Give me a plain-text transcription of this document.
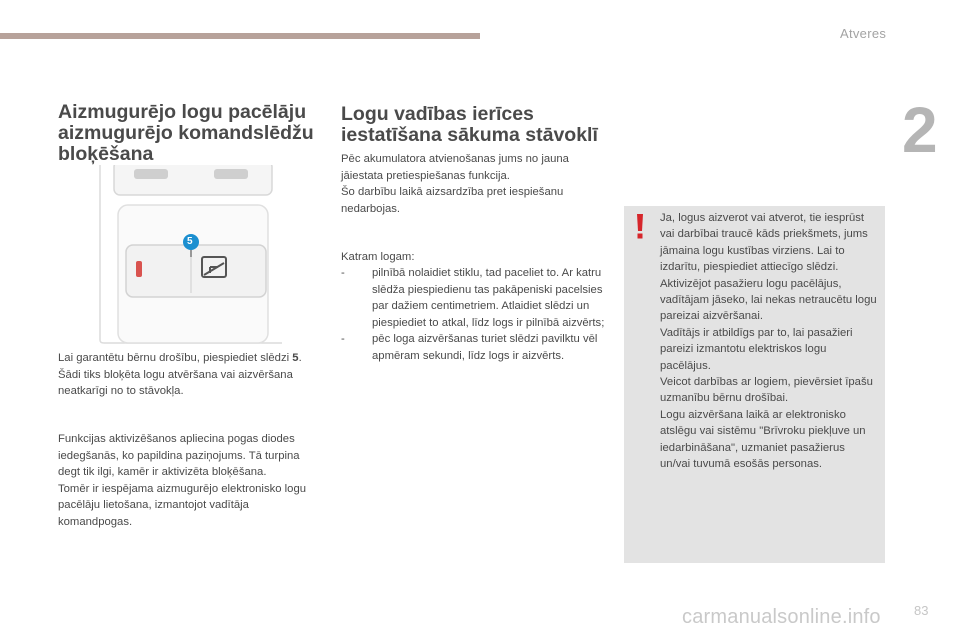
Atveres
2
Aizmugurējo logu pacēlāju
aizmugurējo komandslēdžu
bloķēšana
5

Lai garantētu bērnu drošību, piespiediet slēdzi 5. Šādi tiks bloķēta logu atvēršana vai aizvēršana neatkarīgi no to stāvokļa.

Funkcijas aktivizēšanos apliecina pogas diodes iedegšanās, ko papildina paziņojums. Tā turpina degt tik ilgi, kamēr ir aktivizēta bloķēšana.
Tomēr ir iespējama aizmugurējo elektronisko logu pacēlāju lietošana, izmantojot vadītāja komandpogas.

Logu vadības ierīces
iestatīšana sākuma stāvoklī

Pēc akumulatora atvienošanas jums no jauna jāiestata pretiespiešanas funkcija.
Šo darbību laikā aizsardzība pret iespiešanu nedarbojas.

Katram logam:

- pilnībā nolaidiet stiklu, tad paceliet to. Ar katru slēdža piespiedienu tas pakāpeniski pacelsies par dažiem centimetriem. Atlaidiet slēdzi un piespiediet to atkal, līdz logs ir pilnībā aizvērts;
- pēc loga aizvēršanas turiet slēdzi pavilktu vēl apmēram sekundi, līdz logs ir aizvērts.

Ja, logus aizverot vai atverot, tie iesprūst vai darbībai traucē kāds priekšmets, jums jāmaina logu kustības virziens. Lai to izdarītu, piespiediet attiecīgo slēdzi.
Aktivizējot pasažieru logu pacēlājus, vadītājam jāseko, lai nekas netraucētu logu pareizai aizvēršanai.
Vadītājs ir atbildīgs par to, lai pasažieri pareizi izmantotu elektriskos logu pacēlājus.
Veicot darbības ar logiem, pievērsiet īpašu uzmanību bērnu drošībai.
Logu aizvēršana laikā ar elektronisko atslēgu vai sistēmu "Brīvroku piekļuve un iedarbināšana", uzmaniet pasažierus un/vai tuvumā esošās personas.

carmanualsonline.info	83
